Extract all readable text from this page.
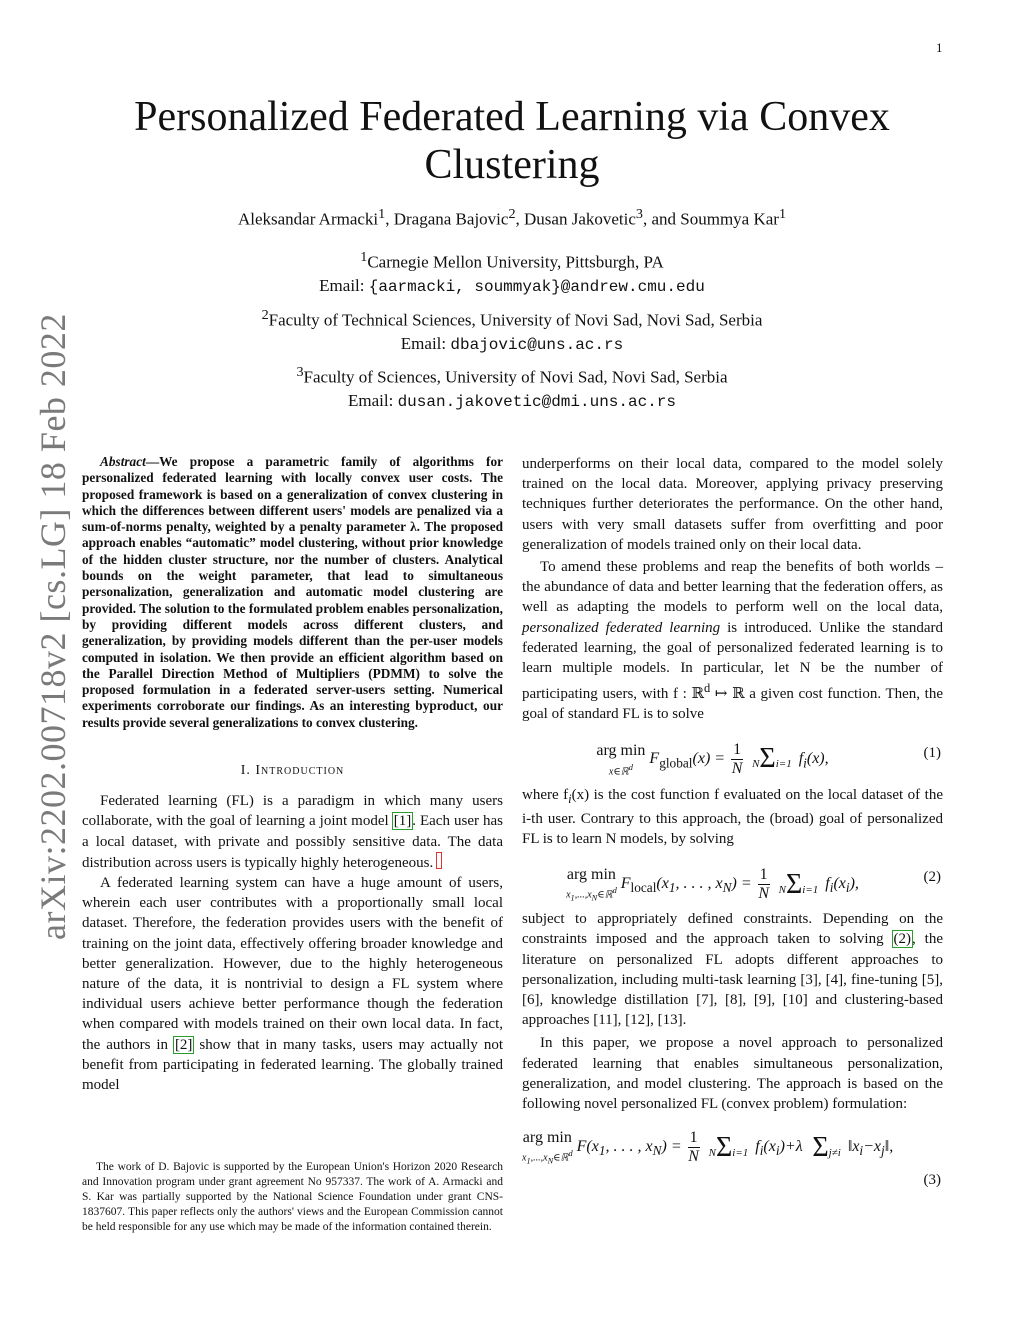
1
arXiv:2202.00718v2 [cs.LG] 18 Feb 2022
Personalized Federated Learning via Convex Clustering
Aleksandar Armacki$^1$, Dragana Bajovic$^2$, Dusan Jakovetic$^3$, and Soummya Kar$^1$
$^1$Carnegie Mellon University, Pittsburgh, PA
Email: {aarmacki, soummyak}@andrew.cmu.edu
$^2$Faculty of Technical Sciences, University of Novi Sad, Novi Sad, Serbia
Email: dbajovic@uns.ac.rs
$^3$Faculty of Sciences, University of Novi Sad, Novi Sad, Serbia
Email: dusan.jakovetic@dmi.uns.ac.rs

Abstract—We propose a parametric family of algorithms for personalized federated learning with locally convex user costs. The proposed framework is based on a generalization of convex clustering in which the differences between different users' models are penalized via a sum-of-norms penalty, weighted by a penalty parameter λ. The proposed approach enables “automatic” model clustering, without prior knowledge of the hidden cluster structure, nor the number of clusters. Analytical bounds on the weight parameter, that lead to simultaneous personalization, generalization and automatic model clustering are provided. The solution to the formulated problem enables personalization, by providing different models across different clusters, and generalization, by providing models different than the per-user models computed in isolation. We then provide an efficient algorithm based on the Parallel Direction Method of Multipliers (PDMM) to solve the proposed formulation in a federated server-users setting. Numerical experiments corroborate our findings. As an interesting byproduct, our results provide several generalizations to convex clustering.

I. Introduction

Federated learning (FL) is a paradigm in which many users collaborate, with the goal of learning a joint model [1]. Each user has a local dataset, with private and possibly sensitive data. The data distribution across users is typically highly heterogeneous.

A federated learning system can have a huge amount of users, wherein each user contributes with a proportionally small local dataset. Therefore, the federation provides users with the benefit of training on the joint data, effectively offering broader knowledge and better generalization. However, due to the highly heterogeneous nature of the data, it is nontrivial to design a FL system where individual users achieve better performance though the federation when compared with models trained on their own local data. In fact, the authors in [2] show that in many tasks, users may actually not benefit from participating in federated learning. The globally trained model

The work of D. Bajovic is supported by the European Union's Horizon 2020 Research and Innovation program under grant agreement No 957337. The work of A. Armacki and S. Kar was partially supported by the National Science Foundation under grant CNS-1837607. This paper reflects only the authors' views and the European Commission cannot be held responsible for any use which may be made of the information contained therein.

underperforms on their local data, compared to the model solely trained on the local data. Moreover, applying privacy preserving techniques further deteriorates the performance. On the other hand, users with very small datasets suffer from overfitting and poor generalization of models trained only on their local data.

To amend these problems and reap the benefits of both worlds – the abundance of data and better learning that the federation offers, as well as adapting the models to perform well on the local data, personalized federated learning is introduced. Unlike the standard federated learning, the goal of personalized federated learning is to learn multiple models. In particular, let N be the number of participating users, with f : ℝ$^d$ ↦ ℝ a given cost function. Then, the goal of standard FL is to solve

arg min
x∈ℝ$^d$
$F_{global}(x) = \frac{1}{N} N\Sigma i=1$ $f_i(x)$,	(1)

where $f_i(x)$ is the cost function f evaluated on the local dataset of the i-th user. Contrary to this approach, the (broad) goal of personalized FL is to learn N models, by solving

arg min
$x_1,...,x_N\in ℝ^d$ $F_{local}(x_1$, . . . , $x_N) = \frac{1}{N} N\Sigma i=1$ $f_i(x_i)$,	(2)

subject to appropriately defined constraints. Depending on the constraints imposed and the approach taken to solving (2), the literature on personalized FL adopts different approaches to personalization, including multi-task learning [3], [4], fine-tuning [5], [6], knowledge distillation [7], [8], [9], [10] and clustering-based approaches [11], [12], [13].

In this paper, we propose a novel approach to personalized federated learning that enables simultaneous personalization, generalization, and model clustering. The approach is based on the following novel personalized FL (convex problem) formulation:

arg min
$x_1,...,x_N\in ℝ^d$ $F(x_1$, . . . , $x_N) = \frac{1}{N} N\Sigma i=1$ $f_i(x_i)+\lambda$  Σj≠i $‖x_i-x_j‖$,
(3)
